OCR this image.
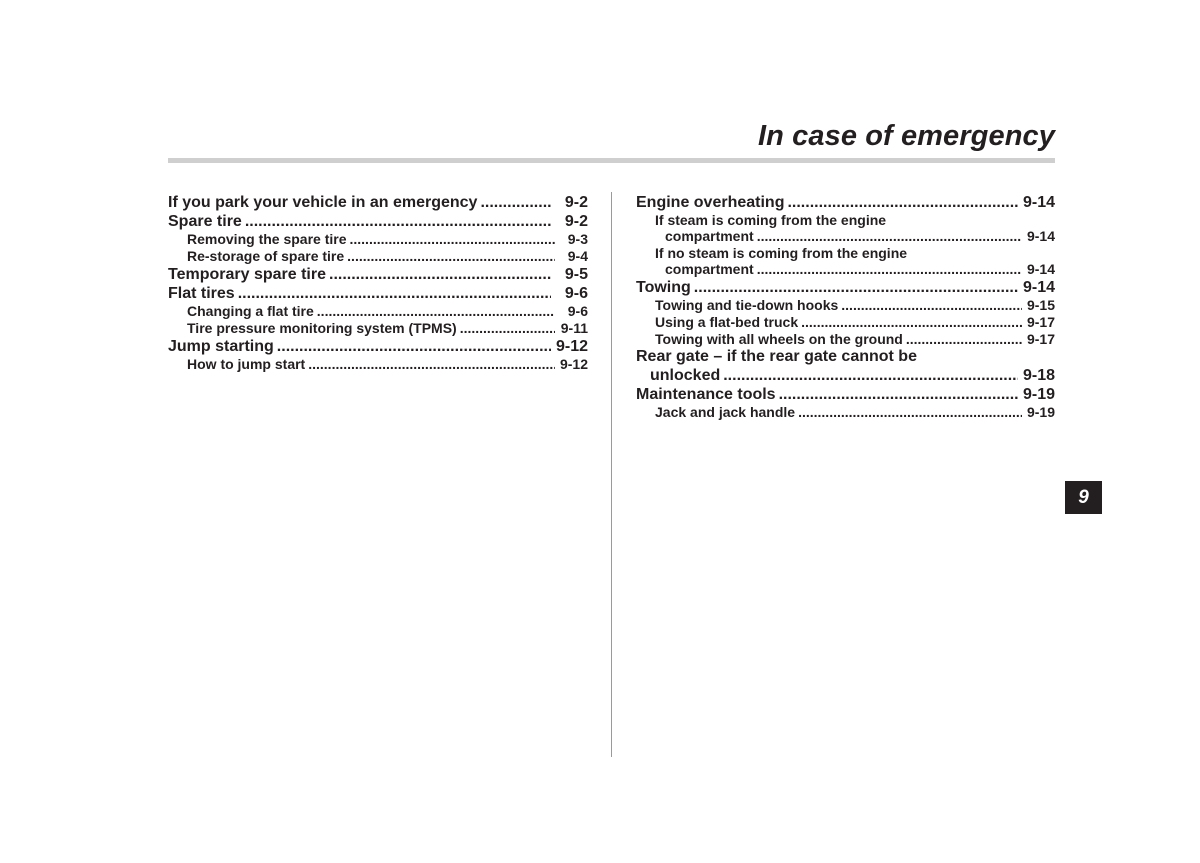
In case of emergency
If you park your vehicle in an emergency .....	9-2
Spare tire .....	9-2
Removing the spare tire .....	9-3
Re-storage of spare tire .....	9-4
Temporary spare tire .....	9-5
Flat tires .....	9-6
Changing a flat tire .....	9-6
Tire pressure monitoring system (TPMS) .....	9-11
Jump starting .....	9-12
How to jump start .....	9-12
Engine overheating .....	9-14
If steam is coming from the engine
compartment .....	9-14
If no steam is coming from the engine
compartment .....	9-14
Towing .....	9-14
Towing and tie-down hooks .....	9-15
Using a flat-bed truck .....	9-17
Towing with all wheels on the ground .....	9-17
Rear gate – if the rear gate cannot be
unlocked .....	9-18
Maintenance tools .....	9-19
Jack and jack handle .....	9-19
9
